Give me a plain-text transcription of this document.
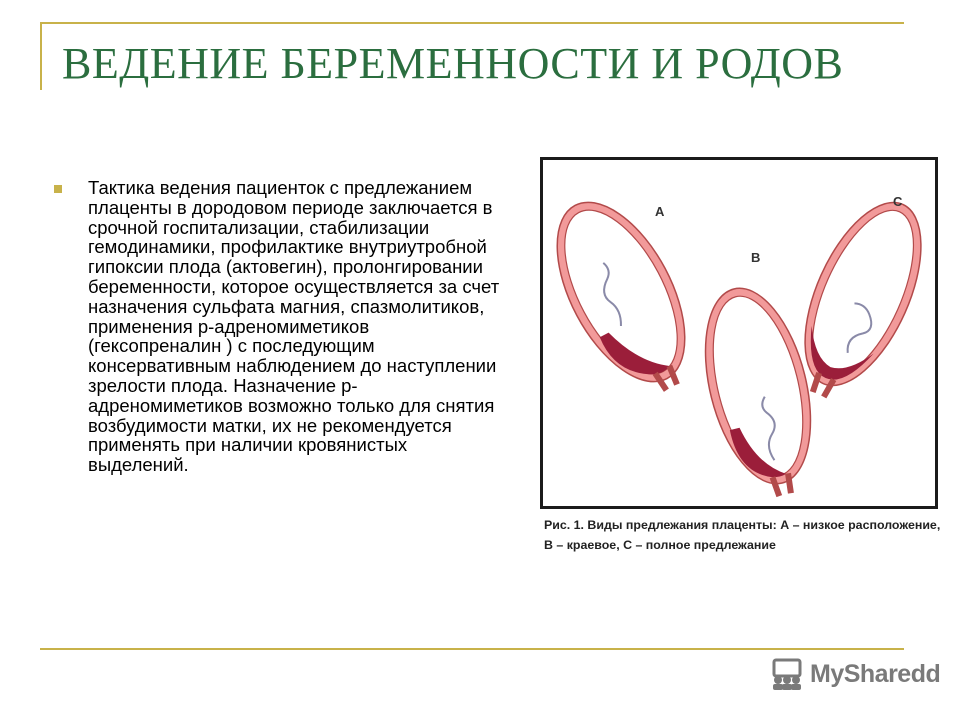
ВЕДЕНИЕ БЕРЕМЕННОСТИ И РОДОВ
Тактика ведения пациенток с предлежанием плаценты в дородовом периоде заключается в срочной госпитализации, стабилизации гемодинамики, профилактике внутриутробной гипоксии плода (актовегин), пролонгировании беременности, которое осуществляется за счет назначения сульфата магния, спазмолитиков, применения р-адреномиметиков (гексопреналин ) с последующим консервативным наблюдением до наступлении зрелости плода. Назначение р-адреномиметиков возможно только для снятия возбудимости матки, их не рекомендуется применять при наличии кровянистых выделений.
A
B
C
Рис. 1. Виды предлежания плаценты: А – низкое расположение,
В – краевое, С – полное предлежание
MySharedd
